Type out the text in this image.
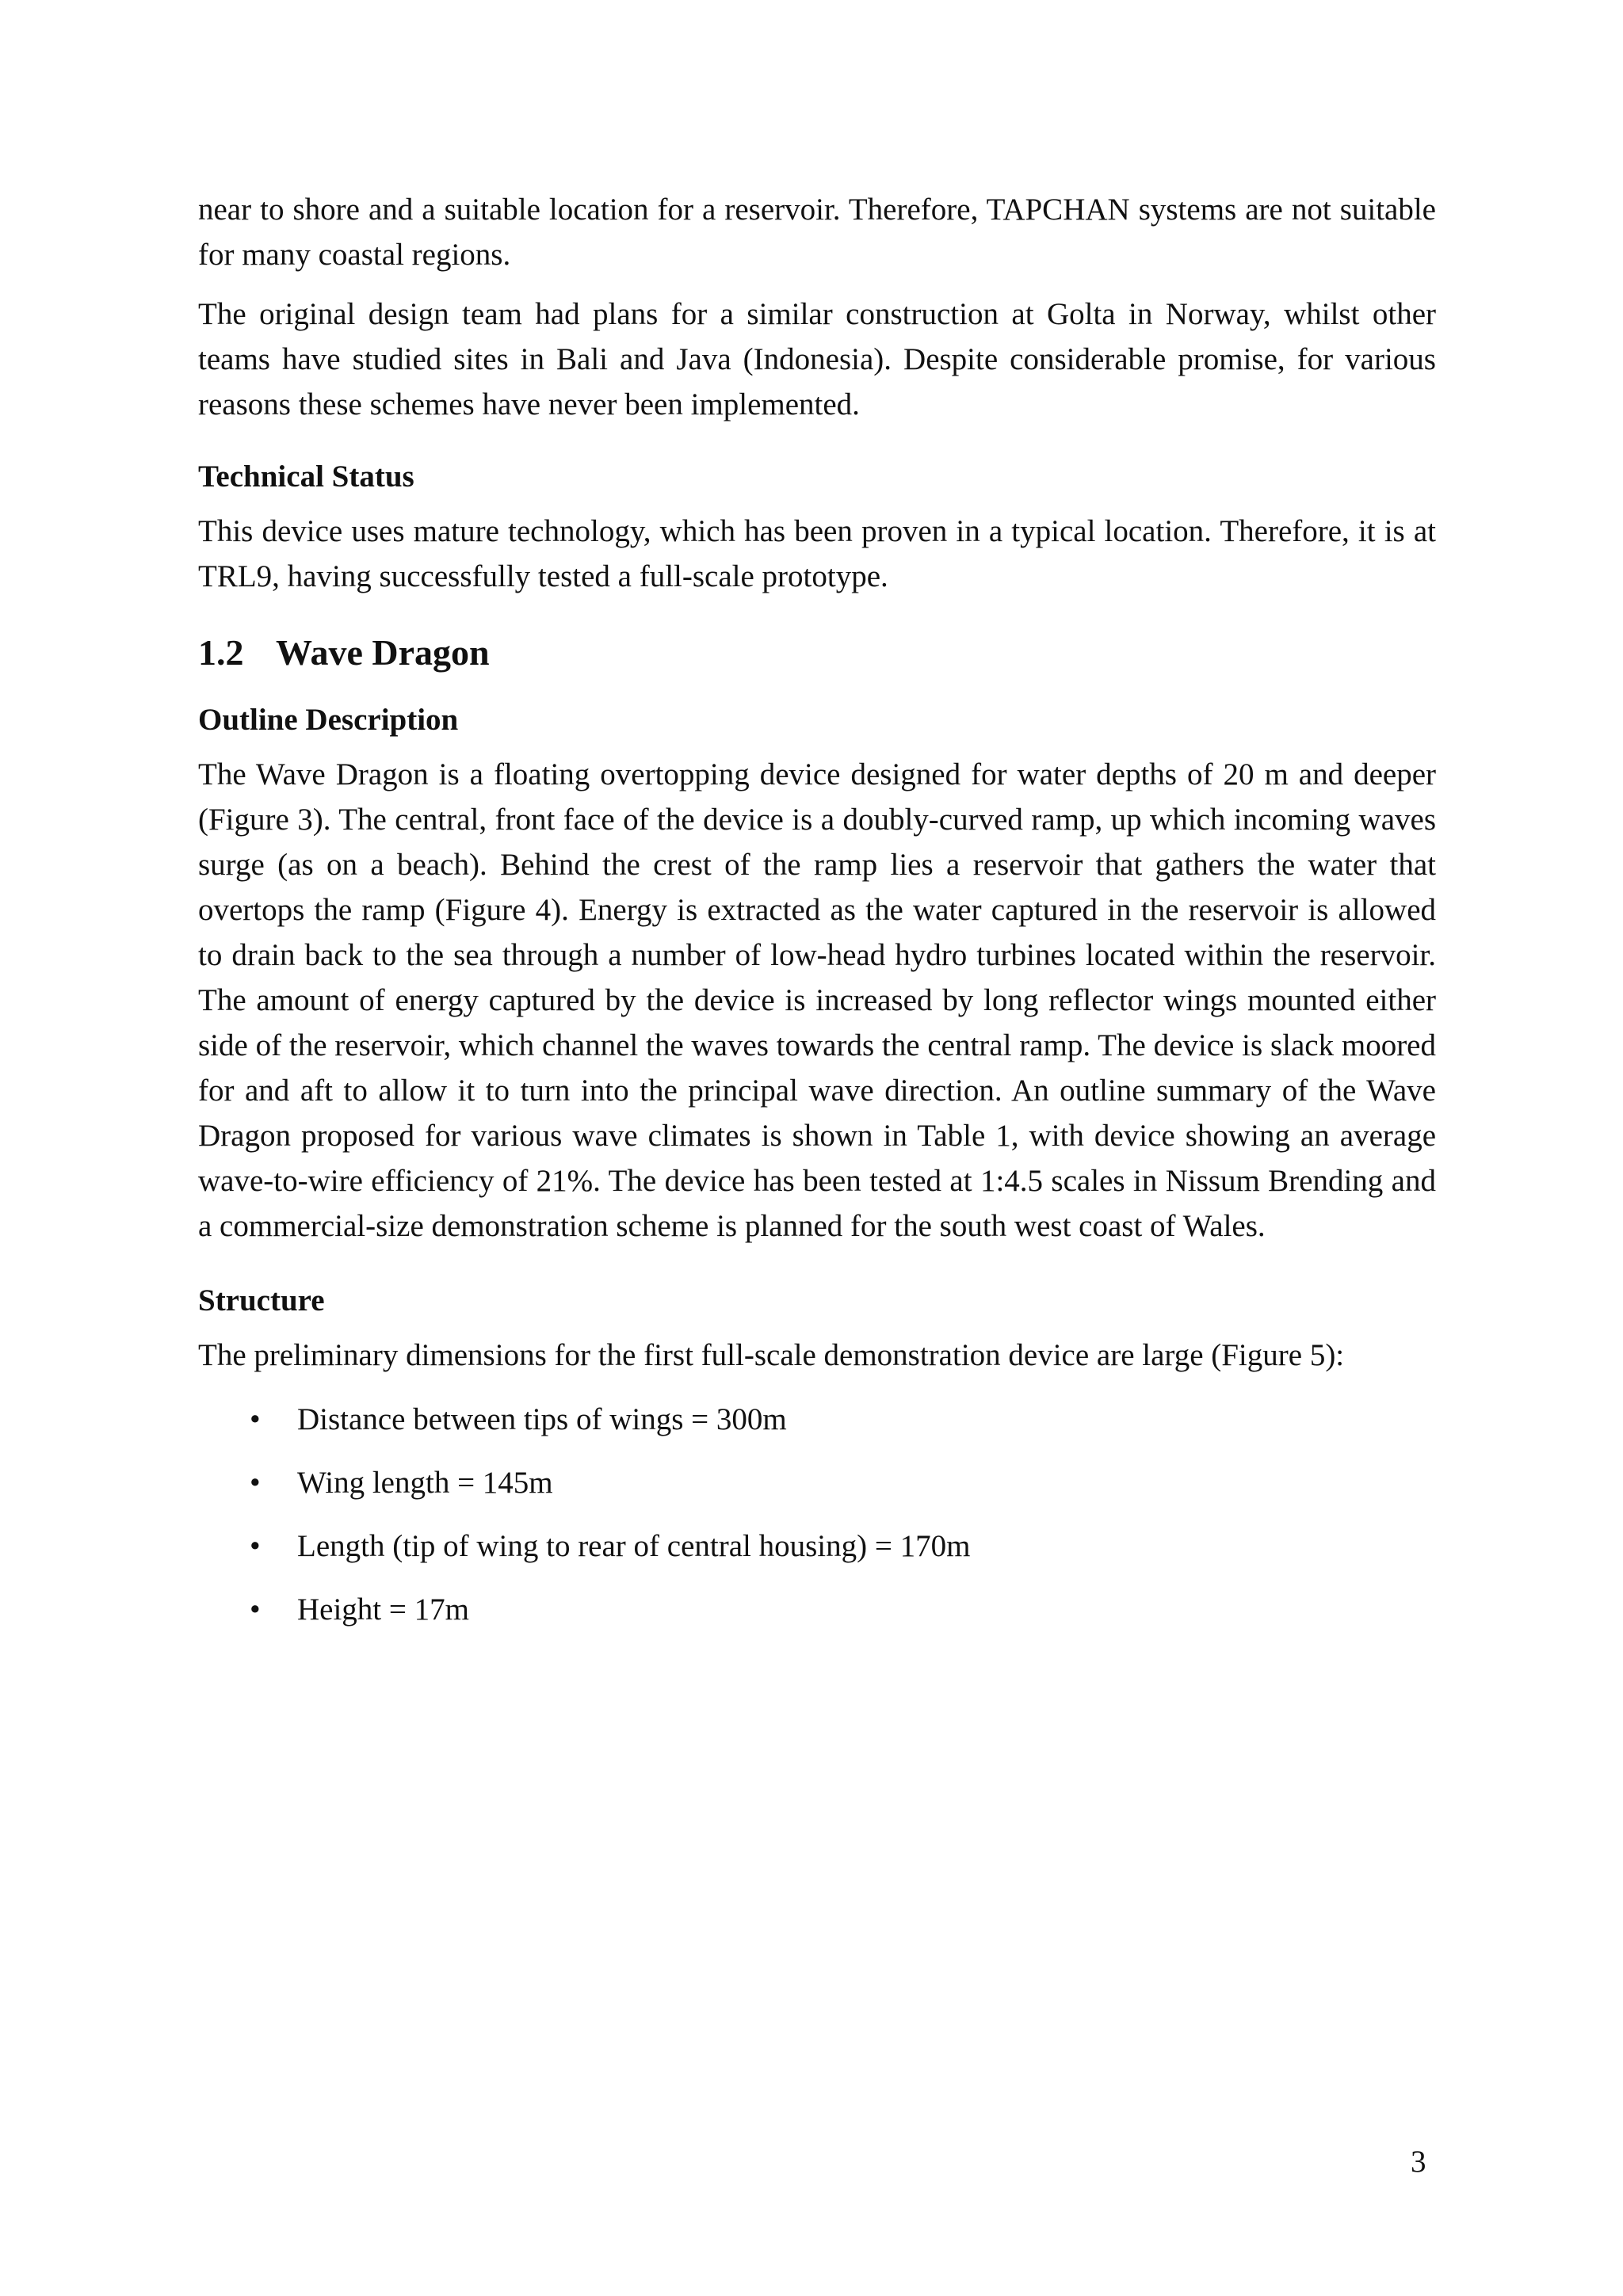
near to shore and a suitable location for a reservoir. Therefore, TAPCHAN systems are not suitable for many coastal regions.

The original design team had plans for a similar construction at Golta in Norway, whilst other teams have studied sites in Bali and Java (Indonesia). Despite considerable promise, for various reasons these schemes have never been implemented.

Technical Status

This device uses mature technology, which has been proven in a typical location. Therefore, it is at TRL9, having successfully tested a full-scale prototype.

1.2 Wave Dragon
Outline Description

The Wave Dragon is a floating overtopping device designed for water depths of 20 m and deeper (Figure 3). The central, front face of the device is a doubly-curved ramp, up which incoming waves surge (as on a beach). Behind the crest of the ramp lies a reservoir that gathers the water that overtops the ramp (Figure 4). Energy is extracted as the water captured in the reservoir is allowed to drain back to the sea through a number of low-head hydro turbines located within the reservoir. The amount of energy captured by the device is increased by long reflector wings mounted either side of the reservoir, which channel the waves towards the central ramp. The device is slack moored for and aft to allow it to turn into the principal wave direction. An outline summary of the Wave Dragon proposed for various wave climates is shown in Table 1, with device showing an average wave-to-wire efficiency of 21%. The device has been tested at 1:4.5 scales in Nissum Brending and a commercial-size demonstration scheme is planned for the south west coast of Wales.

Structure

The preliminary dimensions for the first full-scale demonstration device are large (Figure 5):

• Distance between tips of wings = 300m
• Wing length = 145m
• Length (tip of wing to rear of central housing) = 170m
• Height = 17m
3
